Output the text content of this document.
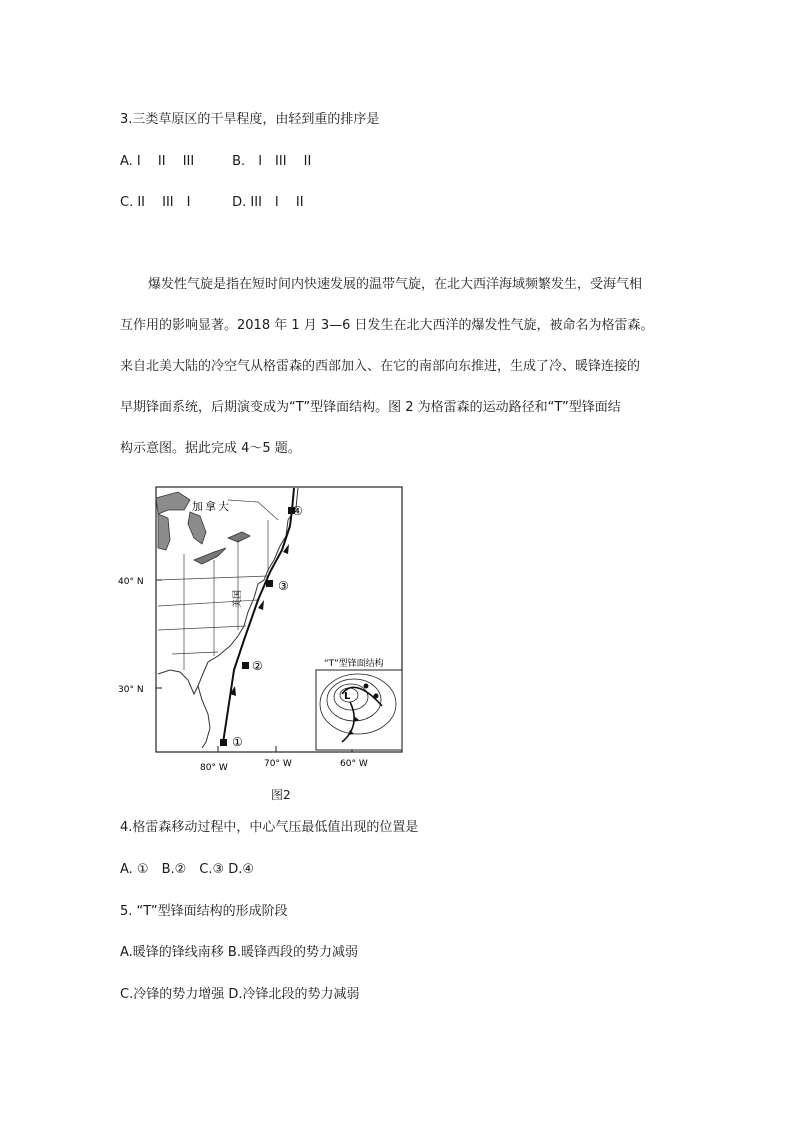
3.三类草原区的干旱程度，由轻到重的排序是
A. I　 II　 III	B.　I　III　 II
C. II　 III　I	D. III　I　 II

爆发性气旋是指在短时间内快速发展的温带气旋，在北大西洋海域频繁发生，受海气相

互作用的影响显著。2018 年 1 月 3—6 日发生在北大西洋的爆发性气旋，被命名为格雷森。

来自北美大陆的冷空气从格雷森的西部加入、在它的南部向东推进，生成了冷、暖锋连接的

早期锋面系统，后期演变成为“T”型锋面结构。图 2 为格雷森的运动路径和“T”型锋面结

构示意图。据此完成 4～5 题。

①
②
③
④
加拿大
美国
40° N
30° N
80° W	70° W	60° W
“T”型锋面结构
L
图2
4.格雷森移动过程中，中心气压最低值出现的位置是
A. ①　B.②　C.③ D.④
5. “T”型锋面结构的形成阶段
A.暖锋的锋线南移 B.暖锋西段的势力减弱
C.冷锋的势力增强 D.冷锋北段的势力减弱
